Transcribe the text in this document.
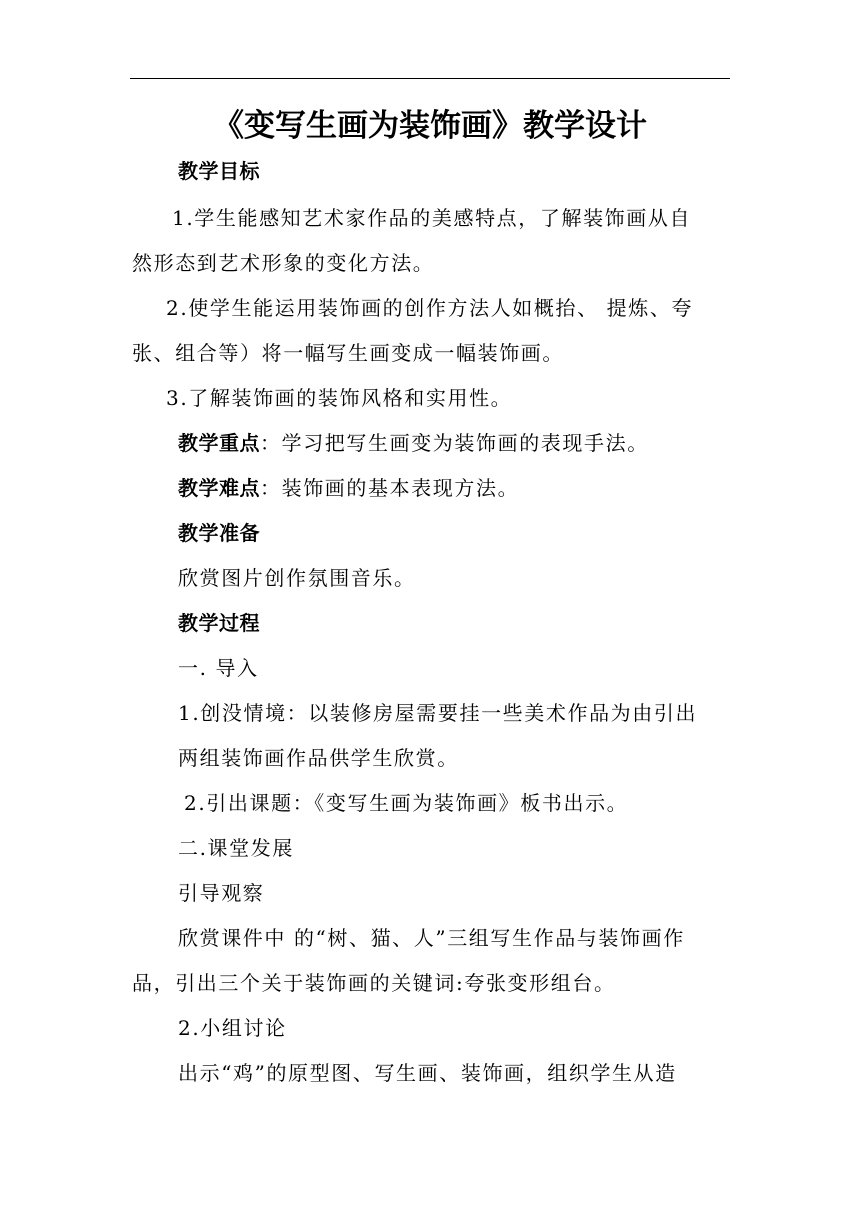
《变写生画为装饰画》教学设计
教学目标
1.学生能感知艺术家作品的美感特点，了解装饰画从自
然形态到艺术形象的变化方法。
2.使学生能运用装饰画的创作方法人如概抬、 提炼、夸
张、组合等）将一幅写生画变成一幅装饰画。
3.了解装饰画的装饰风格和实用性。
教学重点：学习把写生画变为装饰画的表现手法。
教学难点：装饰画的基本表现方法。
教学准备
欣赏图片创作氛围音乐。
教学过程
一. 导入
1.创没情境：以装修房屋需要挂一些美术作品为由引出
两组装饰画作品供学生欣赏。
2.引出课题：《变写生画为装饰画》板书出示。
二.课堂发展
引导观察
欣赏课件中 的“树、猫、人”三组写生作品与装饰画作
品，引出三个关于装饰画的关键词:夸张变形组台。
2.小组讨论
出示“鸡”的原型图、写生画、装饰画，组织学生从造
